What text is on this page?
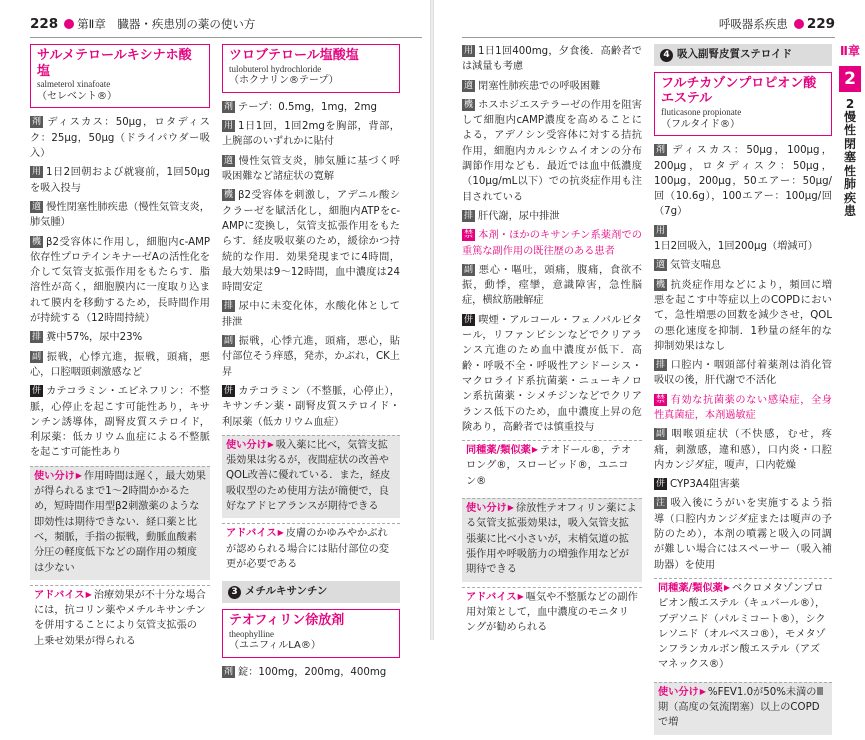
228 第Ⅱ章　臓器・疾患別の薬の使い方
サルメテロールキシナホ酸塩
salmeterol xinafoate
（セレベント®）
剤 ディスカス：50μg，ロタディスク：25μg，50μg（ドライパウダー吸入）
用 1日2回朝および就寝前，1回50μgを吸入投与
適 慢性閉塞性肺疾患（慢性気管支炎，肺気腫）
機 β2受容体に作用し，細胞内c-AMP依存性プロテインキナーゼAの活性化を介して気管支拡張作用をもたらす．脂溶性が高く，細胞膜内に一度取り込まれて膜内を移動するため，長時間作用が持続する（12時間持続）
排 糞中57%，尿中23%
副 振戦，心悸亢進，振戦，頭痛，悪心，口腔咽頭刺激感など
併 カテコラミン・エピネフリン：不整脈，心停止を起こす可能性あり，キサンチン誘導体，副腎皮質ステロイド，利尿薬：低カリウム血症による不整脈を起こす可能性あり
使い分け▶ 作用時間は遅く，最大効果が得られるまで1〜2時間かかるため，短時間作用型β2刺激薬のような即効性は期待できない．経口薬と比べ，頻脈，手指の振戦，動脈血酸素分圧の軽度低下などの副作用の頻度は少ない
アドバイス▶ 治療効果が不十分な場合には，抗コリン薬やメチルキサンチンを併用することにより気管支拡張の上乗せ効果が得られる
ツロブテロール塩酸塩
tulobuterol hydrochloride
（ホクナリン®テープ）
剤 テープ：0.5mg，1mg，2mg
用 1日1回，1回2mgを胸部，背部，上腕部のいずれかに貼付
適 慢性気管支炎，肺気腫に基づく呼吸困難など諸症状の寛解
機 β2受容体を刺激し，アデニル酸シクラーゼを賦活化し，細胞内ATPをc-AMPに変換し，気管支拡張作用をもたらす．経皮吸収薬のため，緩徐かつ持続的な作用．効果発現までに4時間，最大効果は9〜12時間，血中濃度は24時間安定
排 尿中に未変化体，水酸化体として排泄
副 振戦，心悸亢進，頭痛，悪心，貼付部位そう痒感，発赤，かぶれ，CK上昇
併 カテコラミン（不整脈，心停止），キサンチン薬・副腎皮質ステロイド・利尿薬（低カリウム血症）
使い分け▶ 吸入薬に比べ，気管支拡張効果は劣るが，夜間症状の改善やQOL改善に優れている．また，経皮吸収型のため使用方法が簡便で，良好なアドヒアランスが期待できる
アドバイス▶ 皮膚のかゆみやかぶれが認められる場合には貼付部位の変更が必要である
3 メチルキサンチン
テオフィリン徐放剤
theophylline
（ユニフィルLA®）
剤 錠：100mg，200mg，400mg
呼吸器系疾患 229
用 1日1回400mg，夕食後．高齢者では減量も考慮
適 閉塞性肺疾患での呼吸困難
機 ホスホジエステラーゼの作用を阻害して細胞内cAMP濃度を高めることによる，アデノシン受容体に対する拮抗作用，細胞内カルシウムイオンの分布調節作用なども．最近では血中低濃度（10μg/mL以下）での抗炎症作用も注目されている
排 肝代謝，尿中排泄
禁 本剤・ほかのキサンチン系薬剤での重篤な副作用の既往歴のある患者
副 悪心・嘔吐，頭痛，腹痛，食欲不振，動悸，痙攣，意識障害，急性脳症，横紋筋融解症
併 喫煙・アルコール・フェノバルビタール，リファンピシンなどでクリアランス亢進のため血中濃度が低下．高齢・呼吸不全・呼吸性アシドーシス・マクロライド系抗菌薬・ニューキノロン系抗菌薬・シメチジンなどでクリアランス低下のため，血中濃度上昇の危険あり，高齢者では慎重投与
同種薬/類似薬▶ テオドール®，テオロング®，スロービッド®，ユニコン®
使い分け▶ 徐放性テオフィリン薬による気管支拡張効果は，吸入気管支拡張薬に比べ小さいが，末梢気道の拡張作用や呼吸筋力の増強作用などが期待できる
アドバイス▶ 嘔気や不整脈などの副作用対策として，血中濃度のモニタリングが勧められる
4 吸入副腎皮質ステロイド
フルチカゾンプロピオン酸エステル
fluticasone propionate
（フルタイド®）
剤 ディスカス：50μg，100μg，200μg，ロタディスク：50μg，100μg，200μg，50エアー：50μg/回（10.6g），100エアー：100μg/回（7g）
用1日2回吸入，1回200μg（増減可）
適 気管支喘息
機 抗炎症作用などにより，頻回に増悪を起こす中等症以上のCOPDにおいて，急性増悪の回数を減少させ，QOLの悪化速度を抑制．1秒量の経年的な抑制効果はなし
排 口腔内・咽頭部付着薬剤は消化管吸収の後，肝代謝で不活化
禁 有効な抗菌薬のない感染症，全身性真菌症，本剤過敏症
副 咽喉頭症状（不快感，むせ，疼痛，刺激感，違和感），口内炎・口腔内カンジダ症，嗄声，口内乾燥
併 CYP3A4阻害薬
注 吸入後にうがいを実施するよう指導（口腔内カンジダ症または嗄声の予防のため），本剤の噴霧と吸入の同調が難しい場合にはスペーサー（吸入補助器）を使用
同種薬/類似薬▶ ベクロメタゾンプロピオン酸エステル（キュバール®），ブデソニド（パルミコート®），シクレソニド（オルベスコ®），モメタゾンフランカルボン酸エステル（アズマネックス®）
使い分け▶ %FEV1.0が50%未満のⅢ期（高度の気流閉塞）以上のCOPDで増
Ⅱ章
2
2
慢
性
閉
塞
性
肺
疾
患
